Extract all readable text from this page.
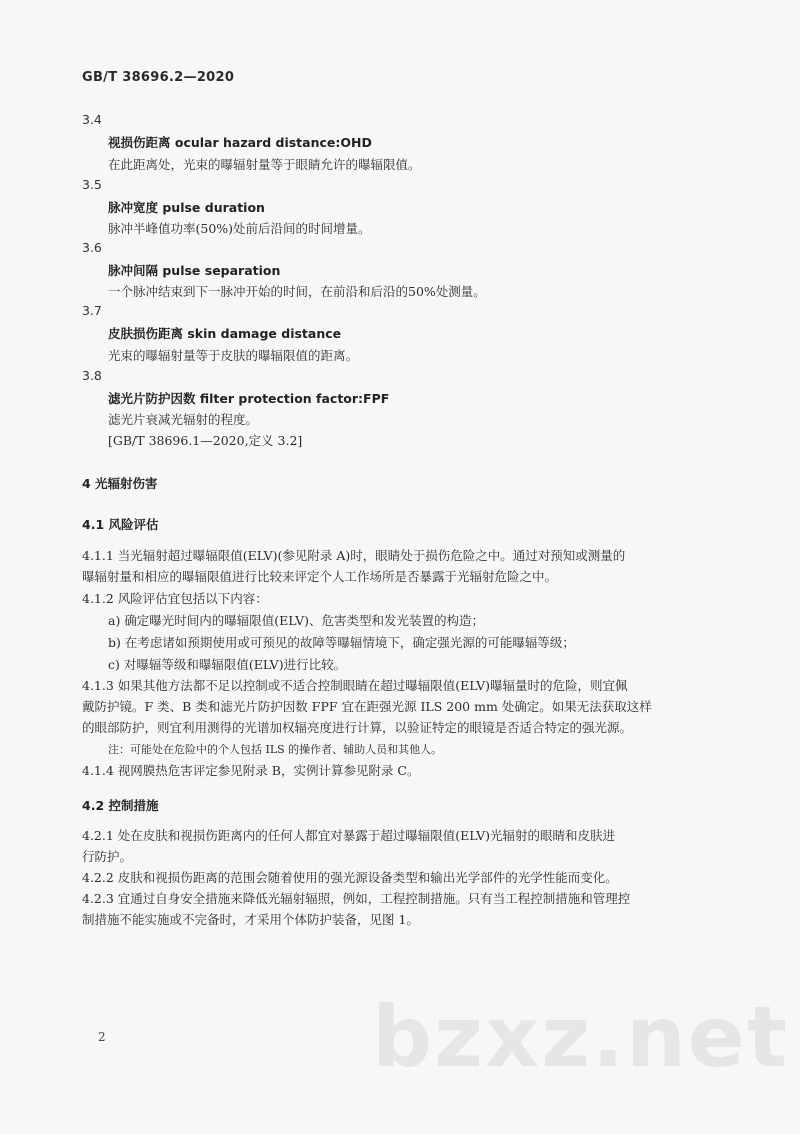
GB/T 38696.2—2020
3.4
视损伤距离 ocular hazard distance:OHD
在此距离处，光束的曝辐射量等于眼睛允许的曝辐限值。
3.5
脉冲宽度 pulse duration
脉冲半峰值功率(50%)处前后沿间的时间增量。
3.6
脉冲间隔 pulse separation
一个脉冲结束到下一脉冲开始的时间，在前沿和后沿的50%处测量。
3.7
皮肤损伤距离 skin damage distance
光束的曝辐射量等于皮肤的曝辐限值的距离。
3.8
滤光片防护因数 filter protection factor:FPF
滤光片衰减光辐射的程度。
[GB/T 38696.1—2020,定义 3.2]
4 光辐射伤害
4.1 风险评估
4.1.1 当光辐射超过曝辐限值(ELV)(参见附录 A)时，眼睛处于损伤危险之中。通过对预知或测量的
曝辐射量和相应的曝辐限值进行比较来评定个人工作场所是否暴露于光辐射危险之中。
4.1.2 风险评估宜包括以下内容：
a) 确定曝光时间内的曝辐限值(ELV)、危害类型和发光装置的构造；
b) 在考虑诸如预期使用或可预见的故障等曝辐情境下，确定强光源的可能曝辐等级；
c) 对曝辐等级和曝辐限值(ELV)进行比较。
4.1.3 如果其他方法都不足以控制或不适合控制眼睛在超过曝辐限值(ELV)曝辐量时的危险，则宜佩
戴防护镜。F 类、B 类和滤光片防护因数 FPF 宜在距强光源 ILS 200 mm 处确定。如果无法获取这样
的眼部防护，则宜利用测得的光谱加权辐亮度进行计算，以验证特定的眼镜是否适合特定的强光源。
注：可能处在危险中的个人包括 ILS 的操作者、辅助人员和其他人。
4.1.4 视网膜热危害评定参见附录 B，实例计算参见附录 C。
4.2 控制措施
4.2.1 处在皮肤和视损伤距离内的任何人都宜对暴露于超过曝辐限值(ELV)光辐射的眼睛和皮肤进
行防护。
4.2.2 皮肤和视损伤距离的范围会随着使用的强光源设备类型和输出光学部件的光学性能而变化。
4.2.3 宜通过自身安全措施来降低光辐射辐照，例如，工程控制措施。只有当工程控制措施和管理控
制措施不能实施或不完备时，才采用个体防护装备，见图 1。
bzxz.net
2
